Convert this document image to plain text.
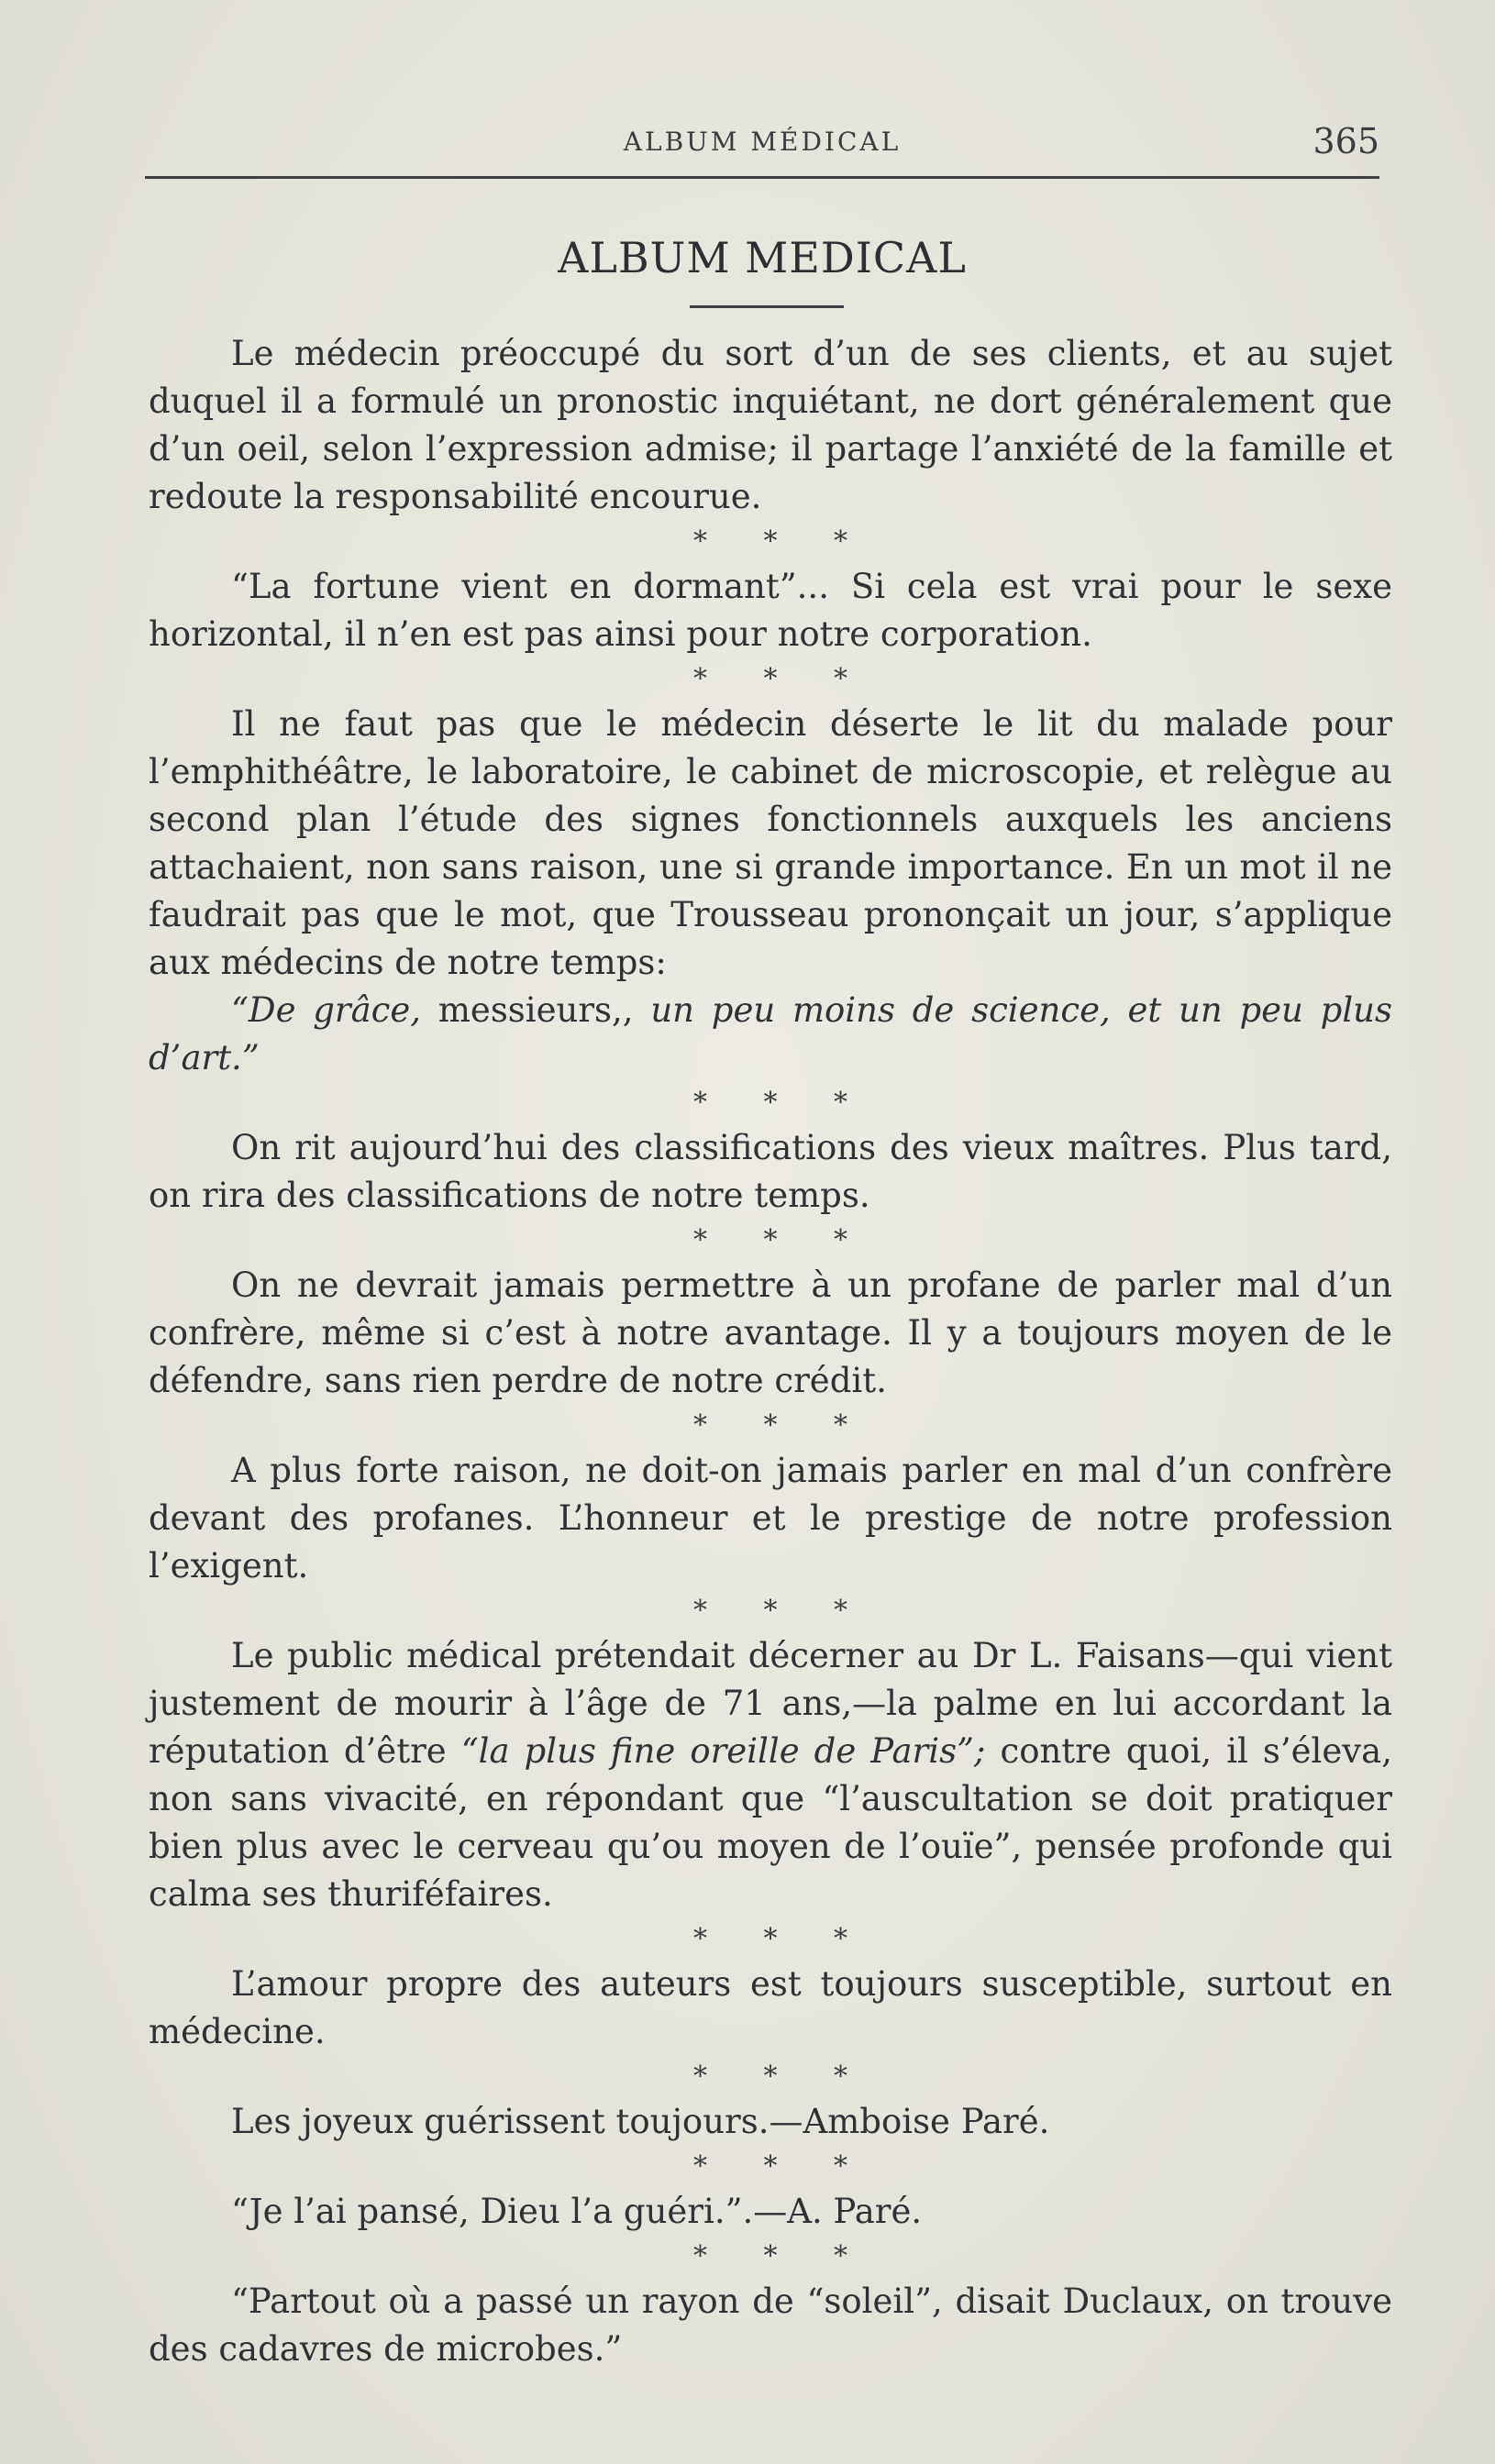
ALBUM MÉDICAL	365
ALBUM MEDICAL

Le médecin préoccupé du sort d’un de ses clients, et au sujet duquel il a formulé un pronostic inquiétant, ne dort généralement que d’un oeil, selon l’expression admise; il partage l’anxiété de la famille et redoute la responsabilité encourue.

* * *

“La fortune vient en dormant”... Si cela est vrai pour le sexe horizontal, il n’en est pas ainsi pour notre corporation.

* * *

Il ne faut pas que le médecin déserte le lit du malade pour l’emphithéâtre, le laboratoire, le cabinet de microscopie, et relègue au second plan l’étude des signes fonctionnels auxquels les anciens attachaient, non sans raison, une si grande importance. En un mot il ne faudrait pas que le mot, que Trousseau prononçait un jour, s’applique aux médecins de notre temps:

“De grâce, messieurs,, un peu moins de science, et un peu plus d’art.”

* * *

On rit aujourd’hui des classifications des vieux maîtres. Plus tard, on rira des classifications de notre temps.

* * *

On ne devrait jamais permettre à un profane de parler mal d’un confrère, même si c’est à notre avantage. Il y a toujours moyen de le défendre, sans rien perdre de notre crédit.

* * *

A plus forte raison, ne doit-on jamais parler en mal d’un confrère devant des profanes. L’honneur et le prestige de notre profession l’exigent.

* * *

Le public médical prétendait décerner au Dr L. Faisans—qui vient justement de mourir à l’âge de 71 ans,—la palme en lui accordant la réputation d’être “la plus fine oreille de Paris”; contre quoi, il s’éleva, non sans vivacité, en répondant que “l’auscultation se doit pratiquer bien plus avec le cerveau qu’ou moyen de l’ouïe”, pensée profonde qui calma ses thuriféfaires.

* * *

L’amour propre des auteurs est toujours susceptible, surtout en médecine.

* * *

Les joyeux guérissent toujours.—Amboise Paré.

* * *

“Je l’ai pansé, Dieu l’a guéri.”.—A. Paré.

* * *

“Partout où a passé un rayon de “soleil”, disait Duclaux, on trouve des cadavres de microbes.”
